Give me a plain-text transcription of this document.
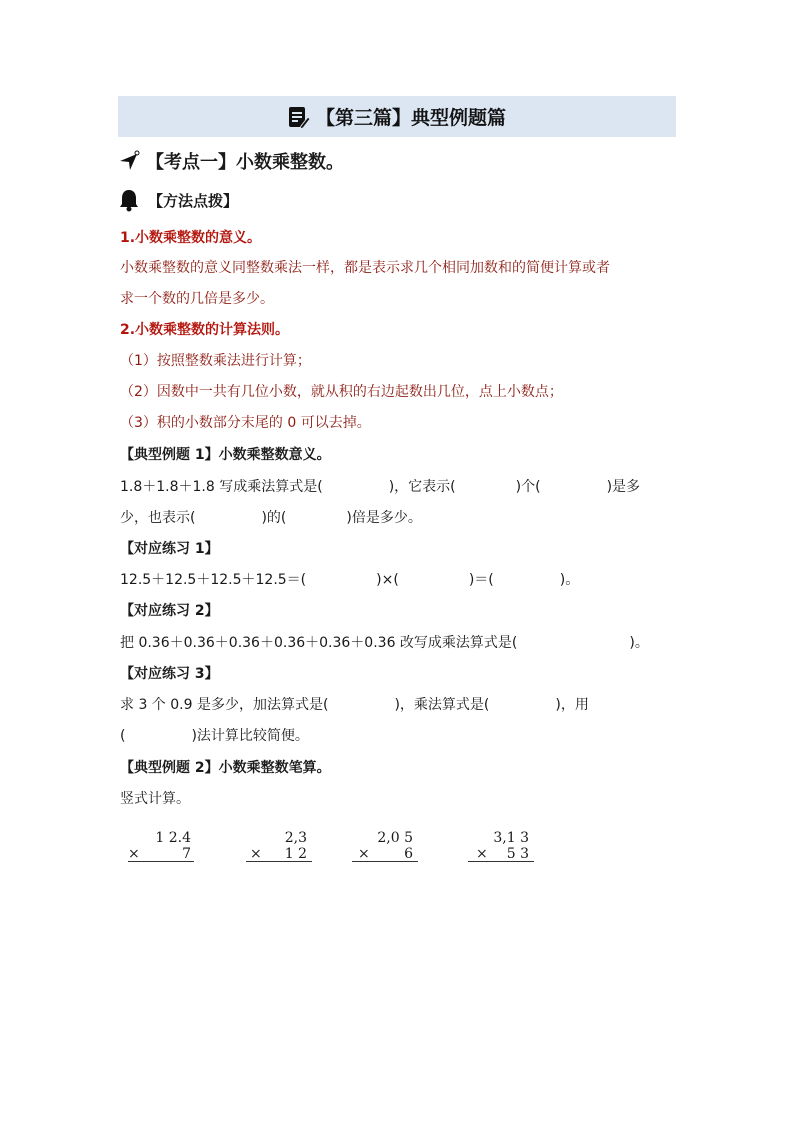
【第三篇】典型例题篇
【考点一】小数乘整数。
【方法点拨】
1.小数乘整数的意义。
小数乘整数的意义同整数乘法一样，都是表示求几个相同加数和的简便计算或者
求一个数的几倍是多少。
2.小数乘整数的计算法则。
（1）按照整数乘法进行计算；
（2）因数中一共有几位小数，就从积的右边起数出几位，点上小数点；
（3）积的小数部分末尾的 0 可以去掉。
【典型例题 1】小数乘整数意义。
1.8＋1.8＋1.8 写成乘法算式是(	)，它表示(	)个(	)是多
少，也表示(	)的(	)倍是多少。
【对应练习 1】
12.5＋12.5＋12.5＋12.5＝(	)×(	)＝(	)。
【对应练习 2】
把 0.36＋0.36＋0.36＋0.36＋0.36＋0.36 改写成乘法算式是(	)。
【对应练习 3】
求 3 个 0.9 是多少，加法算式是(	)，乘法算式是(	)，用
(	)法计算比较简便。
【典型例题 2】小数乘整数笔算。
竖式计算。
1 2.4
×	7
2,3
× 1 2
2,0 5
× 6
3,1 3
× 5 3
